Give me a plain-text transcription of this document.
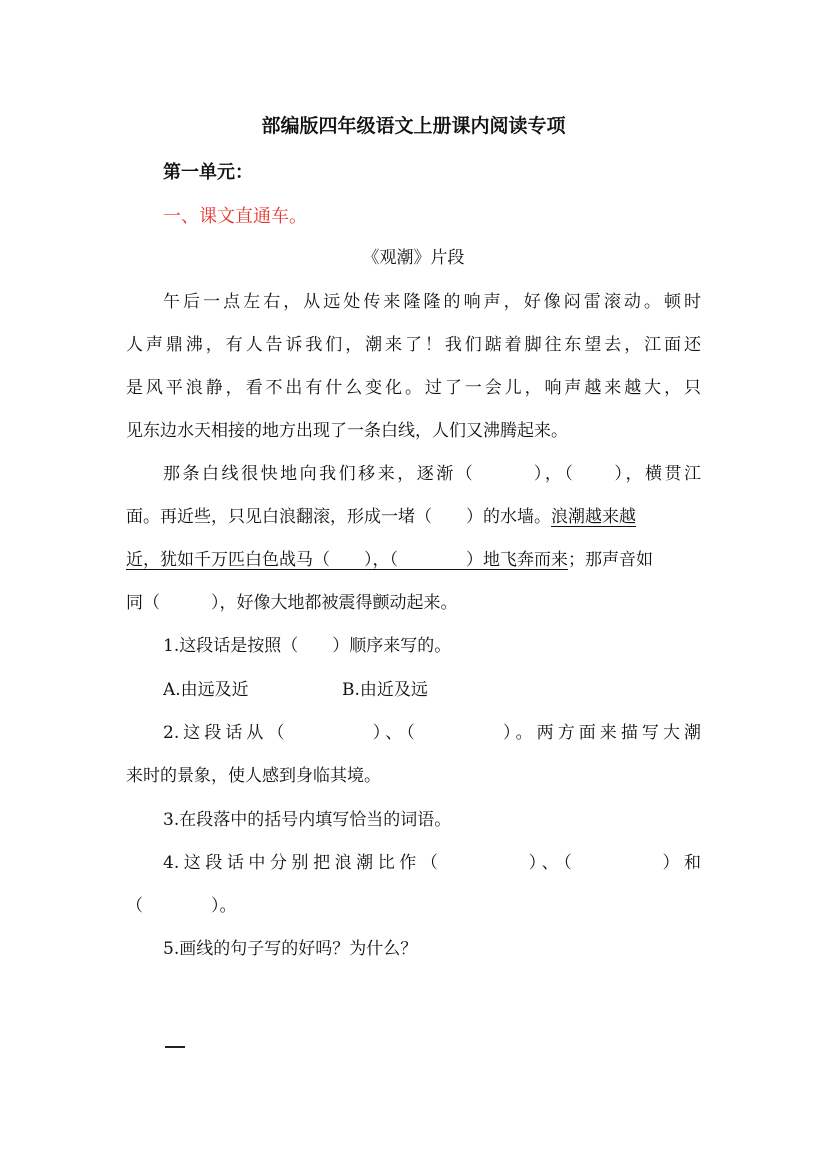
部编版四年级语文上册课内阅读专项
第一单元：
一、课文直通车。
《观潮》片段
午后一点左右，从远处传来隆隆的响声，好像闷雷滚动。顿时
人声鼎沸，有人告诉我们，潮来了！我们踮着脚往东望去，江面还
是风平浪静，看不出有什么变化。过了一会儿，响声越来越大，只
见东边水天相接的地方出现了一条白线，人们又沸腾起来。
那条白线很快地向我们移来，逐渐（　　　），（　　），横贯江
面。再近些，只见白浪翻滚，形成一堵（　　）的水墙。浪潮越来越
近，犹如千万匹白色战马（　　），（　　　　）地飞奔而来；那声音如
同（　　　），好像大地都被震得颤动起来。
1.这段话是按照（　　）顺序来写的。
A.由远及近	B.由近及远
2.这段话从（　　　　）、（　　　　）。两方面来描写大潮
来时的景象，使人感到身临其境。
3.在段落中的括号内填写恰当的词语。
4.这段话中分别把浪潮比作（　　　　）、（　　　　）和
（　　　　）。
5.画线的句子写的好吗？为什么？
